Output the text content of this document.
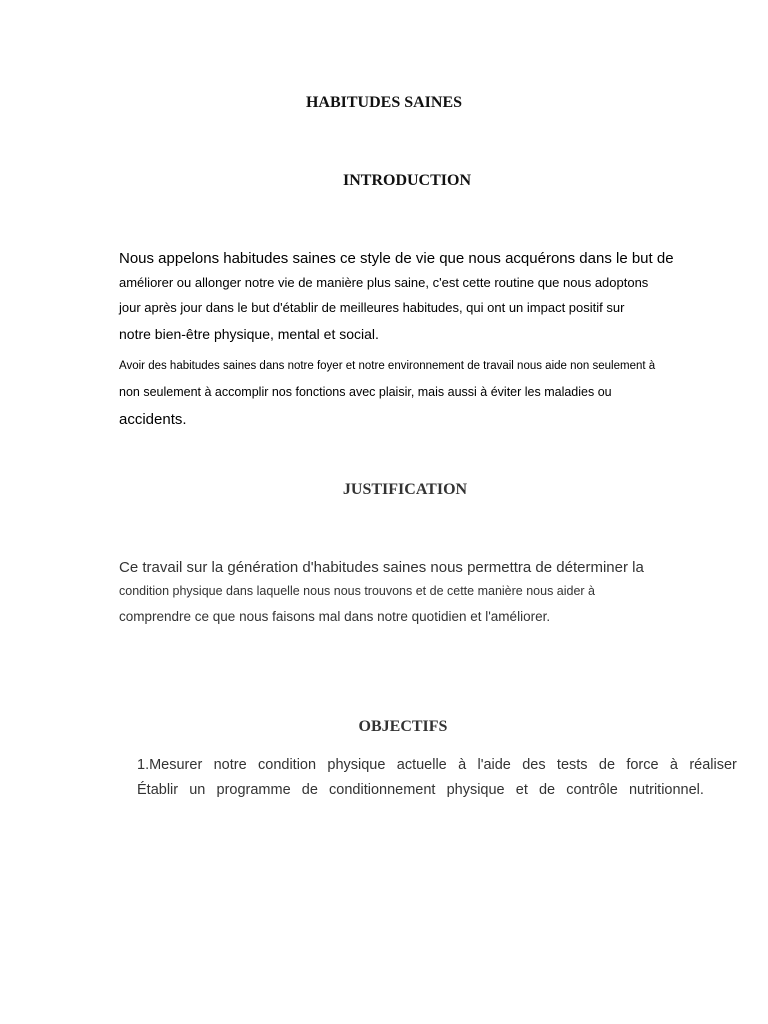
HABITUDES SAINES
INTRODUCTION

Nous appelons habitudes saines ce style de vie que nous acquérons dans le but de

améliorer ou allonger notre vie de manière plus saine, c'est cette routine que nous adoptons

jour après jour dans le but d'établir de meilleures habitudes, qui ont un impact positif sur

notre bien-être physique, mental et social.

Avoir des habitudes saines dans notre foyer et notre environnement de travail nous aide non seulement à

non seulement à accomplir nos fonctions avec plaisir, mais aussi à éviter les maladies ou

accidents.

JUSTIFICATION

Ce travail sur la génération d'habitudes saines nous permettra de déterminer la

condition physique dans laquelle nous nous trouvons et de cette manière nous aider à

comprendre ce que nous faisons mal dans notre quotidien et l'améliorer.

OBJECTIFS

1.Mesurer notre condition physique actuelle à l'aide des tests de force à réaliser

Établir un programme de conditionnement physique et de contrôle nutritionnel.
